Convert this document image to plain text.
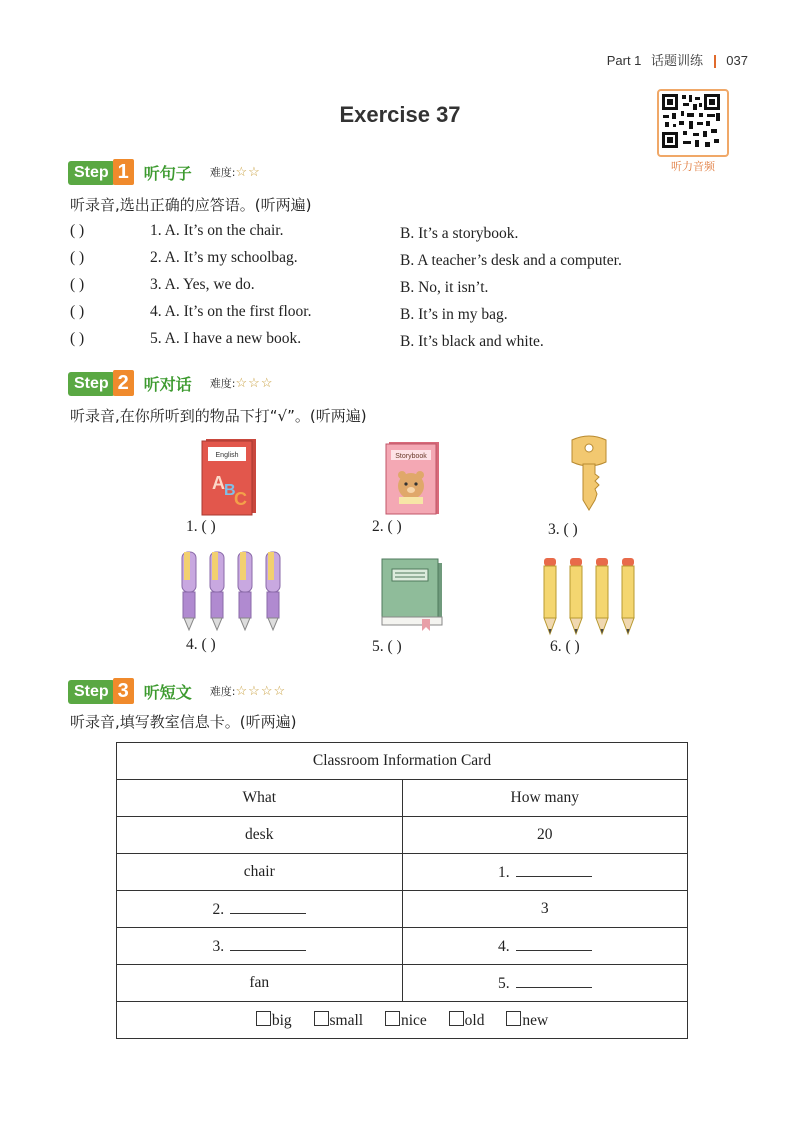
Part 1 话题训练 037
Exercise 37
听力音频
Step 1 听句子 难度: ☆☆
听录音,选出正确的应答语。(听两遍)
( )	1. A. It’s on the chair.	B. It’s a storybook.
( )	2. A. It’s my schoolbag.	B. A teacher’s desk and a computer.
( )	3. A. Yes, we do.	B. No, it isn’t.
( )	4. A. It’s on the first floor.	B. It’s in my bag.
( )	5. A. I have a new book.	B. It’s black and white.
Step 2 听对话 难度: ☆☆☆
听录音,在你所听到的物品下打“√”。(听两遍)
English
A B
C
1. ( )
Storybook
2. ( )	3. ( )
4. ( )	5. ( )	6. ( )
Step 3 听短文 难度: ☆☆☆☆
听录音,填写教室信息卡。(听两遍)
Classroom Information Card	
What	How many
desk	20
chair	1.
2.	3
3.	4.
fan	5.
big small nice old new	
